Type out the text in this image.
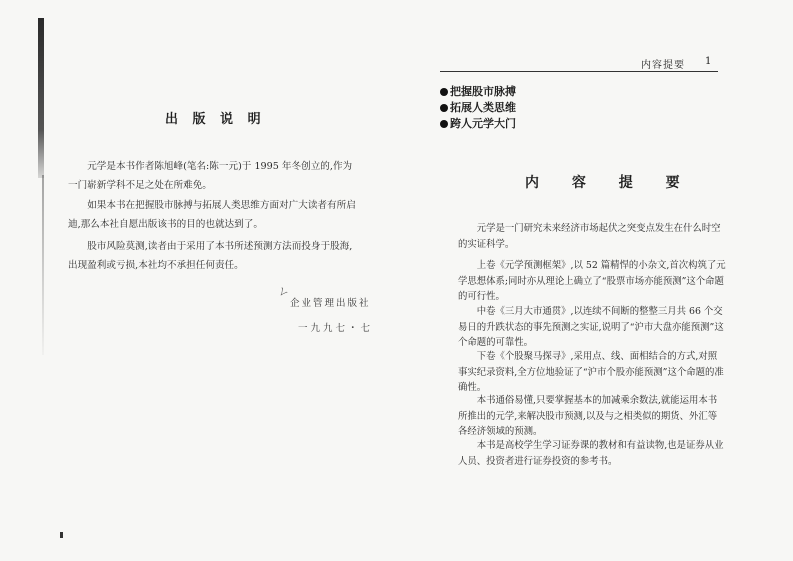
出 版 说 明

元学是本书作者陈旭峰(笔名:陈一元)于 1995 年冬创立的,作为一门崭新学科不足之处在所难免。

如果本书在把握股市脉搏与拓展人类思维方面对广大读者有所启迪,那么本社自愿出版该书的目的也就达到了。

股市风险莫测,读者由于采用了本书所述预测方法而投身于股海,出现盈利或亏损,本社均不承担任何责任。

ㄥ
企业管理出版社
一九九七・七
内容提要 1
把握股市脉搏
拓展人类思维
跨人元学大门
内 容 提 要

元学是一门研究未来经济市场起伏之突变点发生在什么时空的实证科学。

上卷《元学预测框架》,以 52 篇精悍的小杂文,首次构筑了元学思想体系;同时亦从理论上确立了“股票市场亦能预测”这个命题的可行性。

中卷《三月大市通贯》,以连续不间断的整整三月共 66 个交易日的升跌状态的事先预测之实证,说明了“沪市大盘亦能预测”这个命题的可靠性。

下卷《个股聚马探寻》,采用点、线、面相结合的方式,对照事实纪录资料,全方位地验证了“沪市个股亦能预测”这个命题的准确性。

本书通俗易懂,只要掌握基本的加减乘余数法,就能运用本书所推出的元学,来解决股市预测,以及与之相类似的期货、外汇等各经济领域的预测。

本书是高校学生学习证券课的教材和有益读物,也是证券从业人员、投资者进行证券投资的参考书。
